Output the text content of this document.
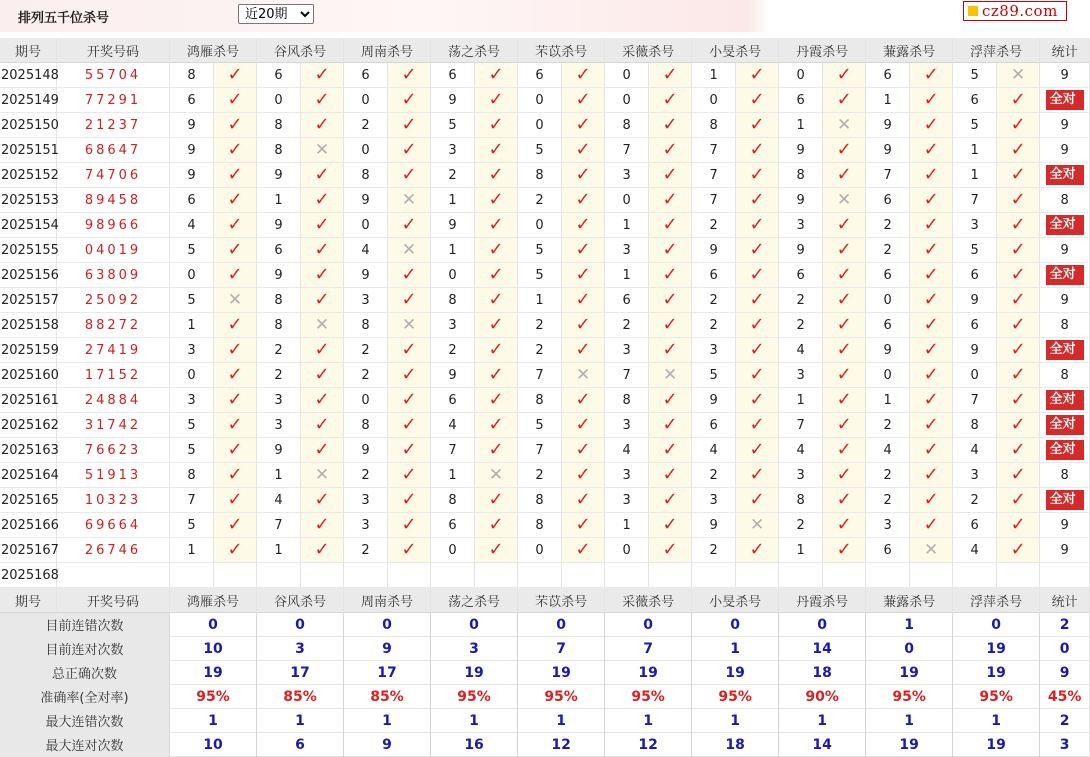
排列五千位杀号
近20期	cz89.com
期号	开奖号码	鸿雁杀号		谷风杀号		周南杀号		荡之杀号		芣苡杀号		采薇杀号		小旻杀号		丹霞杀号		蒹露杀号		浮萍杀号		统计
2025148	55704	8	✓	6	✓	6	✓	6	✓	6	✓	0	✓	1	✓	0	✓	6	✓	5	✕	9
2025149	77291	6	✓	0	✓	0	✓	9	✓	0	✓	0	✓	0	✓	6	✓	1	✓	6	✓	全对
2025150	21237	9	✓	8	✓	2	✓	5	✓	0	✓	8	✓	8	✓	1	✕	9	✓	5	✓	9
2025151	68647	9	✓	8	✕	0	✓	3	✓	5	✓	7	✓	7	✓	9	✓	9	✓	1	✓	9
2025152	74706	9	✓	9	✓	8	✓	2	✓	8	✓	3	✓	7	✓	8	✓	7	✓	1	✓	全对
2025153	89458	6	✓	1	✓	9	✕	1	✓	2	✓	0	✓	7	✓	9	✕	6	✓	7	✓	8
2025154	98966	4	✓	9	✓	0	✓	9	✓	0	✓	1	✓	2	✓	3	✓	2	✓	3	✓	全对
2025155	04019	5	✓	6	✓	4	✕	1	✓	5	✓	3	✓	9	✓	9	✓	2	✓	5	✓	9
2025156	63809	0	✓	9	✓	9	✓	0	✓	5	✓	1	✓	6	✓	6	✓	6	✓	6	✓	全对
2025157	25092	5	✕	8	✓	3	✓	8	✓	1	✓	6	✓	2	✓	2	✓	0	✓	9	✓	9
2025158	88272	1	✓	8	✕	8	✕	3	✓	2	✓	2	✓	2	✓	2	✓	6	✓	6	✓	8
2025159	27419	3	✓	2	✓	2	✓	2	✓	2	✓	3	✓	3	✓	4	✓	9	✓	9	✓	全对
2025160	17152	0	✓	2	✓	2	✓	9	✓	7	✕	7	✕	5	✓	3	✓	0	✓	0	✓	8
2025161	24884	3	✓	3	✓	0	✓	6	✓	8	✓	8	✓	9	✓	1	✓	1	✓	7	✓	全对
2025162	31742	5	✓	3	✓	8	✓	4	✓	5	✓	3	✓	6	✓	7	✓	2	✓	8	✓	全对
2025163	76623	5	✓	9	✓	9	✓	7	✓	7	✓	4	✓	4	✓	4	✓	4	✓	4	✓	全对
2025164	51913	8	✓	1	✕	2	✓	1	✕	2	✓	3	✓	2	✓	3	✓	2	✓	3	✓	8
2025165	10323	7	✓	4	✓	3	✓	8	✓	8	✓	3	✓	3	✓	8	✓	2	✓	2	✓	全对
2025166	69664	5	✓	7	✓	3	✓	6	✓	8	✓	1	✓	9	✕	2	✓	3	✓	6	✓	9
2025167	26746	1	✓	1	✓	2	✓	0	✓	0	✓	0	✓	2	✓	1	✓	6	✕	4	✓	9
2025168	当前期杀号	2		5		0		0		5		5		6		7		2		1		
期号	开奖号码	鸿雁杀号		谷风杀号		周南杀号		荡之杀号		芣苡杀号		采薇杀号		小旻杀号		丹霞杀号		蒹露杀号		浮萍杀号		统计
目前连错次数		0		0		0		0		0		0		0		0		1		0		2
目前连对次数		10		3		9		3		7		7		1		14		0		19		0
总正确次数		19		17		17		19		19		19		19		18		19		19		9
准确率(全对率)		95%		85%		85%		95%		95%		95%		95%		90%		95%		95%		45%
最大连错次数		1		1		1		1		1		1		1		1		1		1		2
最大连对次数		10		6		9		16		12		12		18		14		19		19		3
